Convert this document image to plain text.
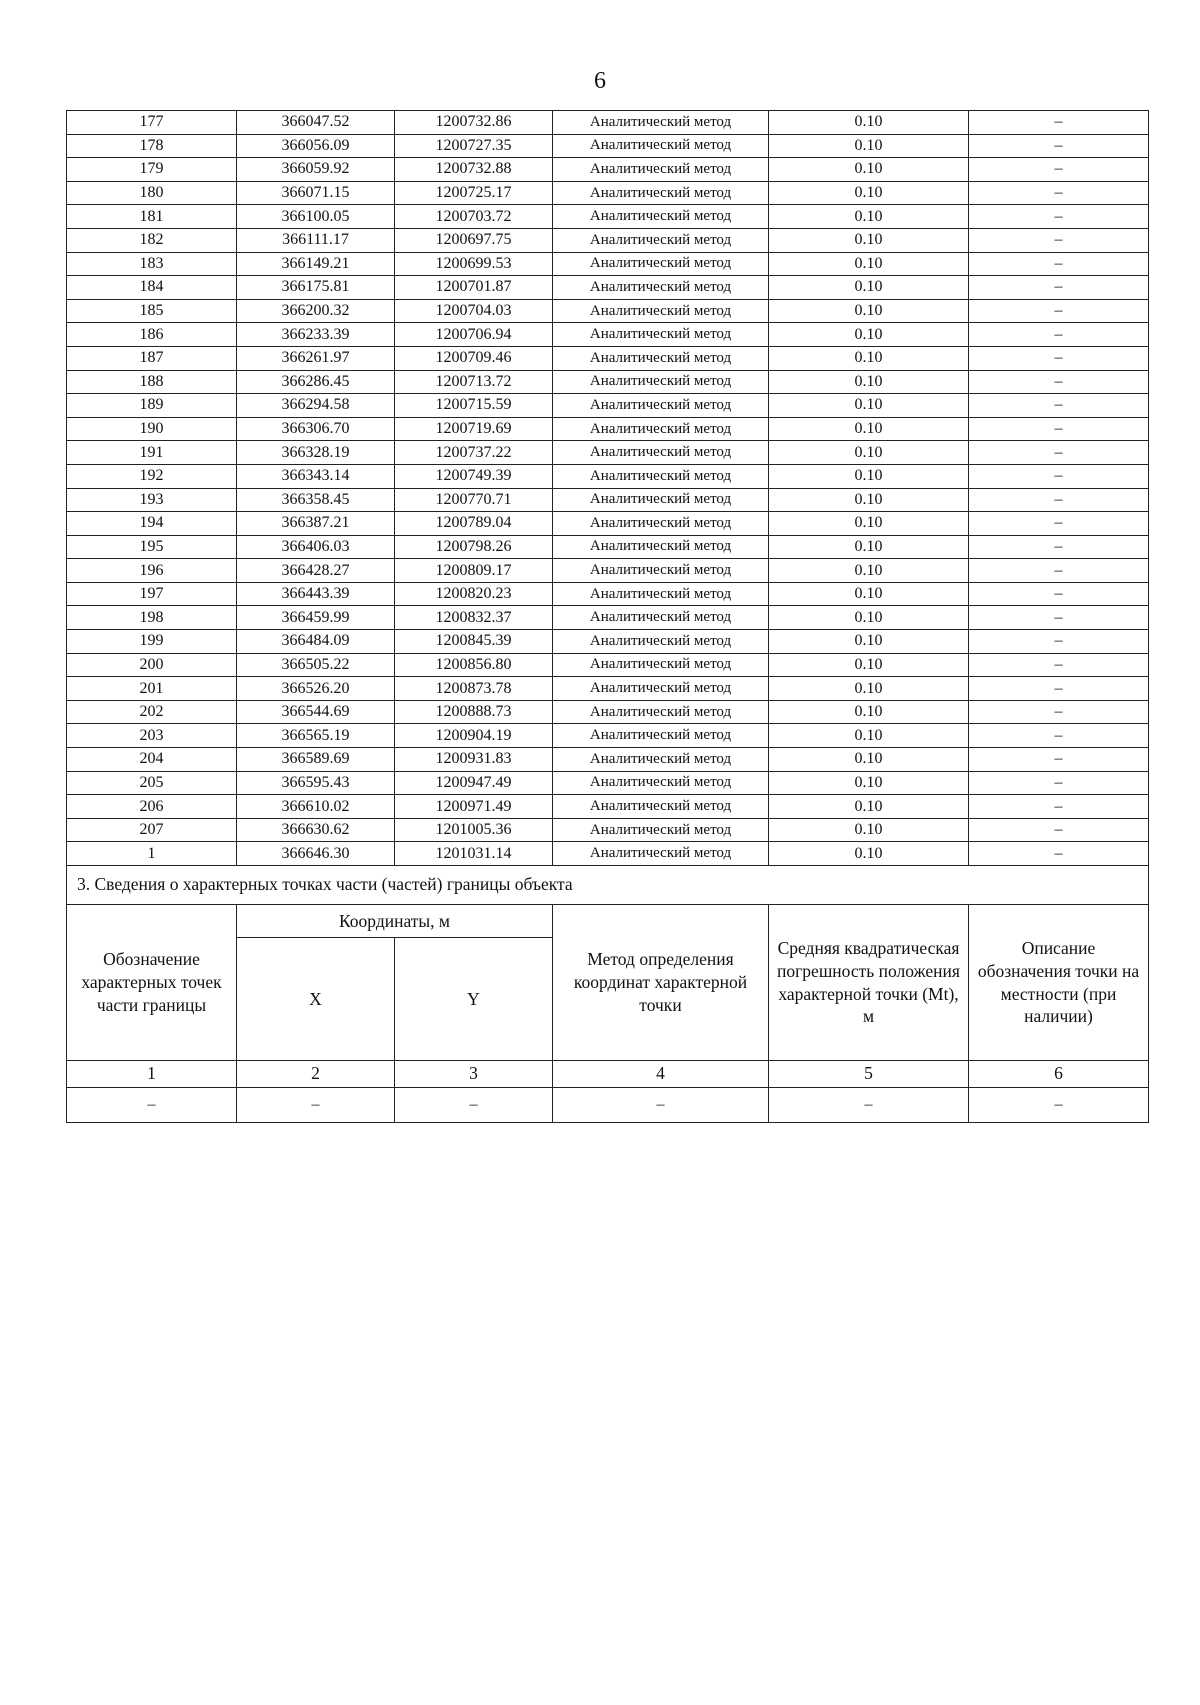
6
177	366047.52	1200732.86	Аналитический метод	0.10	–
178	366056.09	1200727.35	Аналитический метод	0.10	–
179	366059.92	1200732.88	Аналитический метод	0.10	–
180	366071.15	1200725.17	Аналитический метод	0.10	–
181	366100.05	1200703.72	Аналитический метод	0.10	–
182	366111.17	1200697.75	Аналитический метод	0.10	–
183	366149.21	1200699.53	Аналитический метод	0.10	–
184	366175.81	1200701.87	Аналитический метод	0.10	–
185	366200.32	1200704.03	Аналитический метод	0.10	–
186	366233.39	1200706.94	Аналитический метод	0.10	–
187	366261.97	1200709.46	Аналитический метод	0.10	–
188	366286.45	1200713.72	Аналитический метод	0.10	–
189	366294.58	1200715.59	Аналитический метод	0.10	–
190	366306.70	1200719.69	Аналитический метод	0.10	–
191	366328.19	1200737.22	Аналитический метод	0.10	–
192	366343.14	1200749.39	Аналитический метод	0.10	–
193	366358.45	1200770.71	Аналитический метод	0.10	–
194	366387.21	1200789.04	Аналитический метод	0.10	–
195	366406.03	1200798.26	Аналитический метод	0.10	–
196	366428.27	1200809.17	Аналитический метод	0.10	–
197	366443.39	1200820.23	Аналитический метод	0.10	–
198	366459.99	1200832.37	Аналитический метод	0.10	–
199	366484.09	1200845.39	Аналитический метод	0.10	–
200	366505.22	1200856.80	Аналитический метод	0.10	–
201	366526.20	1200873.78	Аналитический метод	0.10	–
202	366544.69	1200888.73	Аналитический метод	0.10	–
203	366565.19	1200904.19	Аналитический метод	0.10	–
204	366589.69	1200931.83	Аналитический метод	0.10	–
205	366595.43	1200947.49	Аналитический метод	0.10	–
206	366610.02	1200971.49	Аналитический метод	0.10	–
207	366630.62	1201005.36	Аналитический метод	0.10	–
1	366646.30	1201031.14	Аналитический метод	0.10	–
3. Сведения о характерных точках части (частей) границы объекта					
Обозначение характерных точек части границы	Координаты, м		Метод определения координат характерной точки	Средняя квадратическая погрешность положения характерной точки (Mt), м	Описание обозначения точки на местности (при наличии)
	X	Y			
1	2	3	4	5	6
–	–	–	–	–	–
